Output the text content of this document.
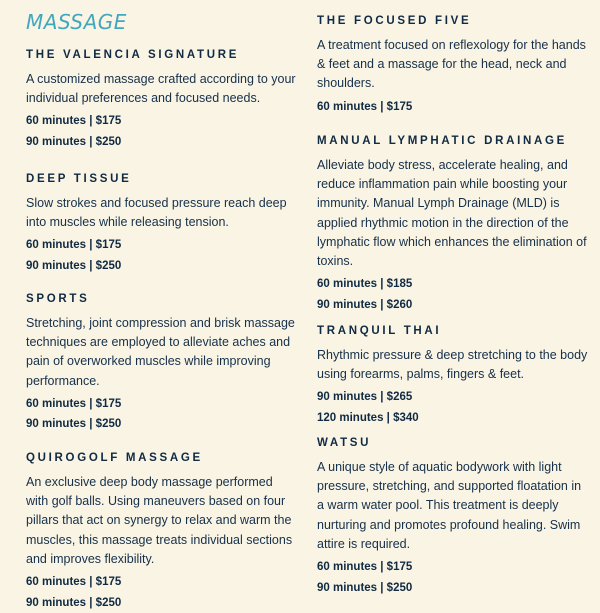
MASSAGE
THE VALENCIA SIGNATURE

A customized massage crafted according to your individual preferences and focused needs.

60 minutes | $175
90 minutes | $250
DEEP TISSUE

Slow strokes and focused pressure reach deep into muscles while releasing tension.

60 minutes | $175
90 minutes | $250
SPORTS

Stretching, joint compression and brisk massage techniques are employed to alleviate aches and pain of overworked muscles while improving performance.

60 minutes | $175
90 minutes | $250
QUIROGOLF MASSAGE

An exclusive deep body massage performed with golf balls. Using maneuvers based on four pillars that act on synergy to relax and warm the muscles, this massage treats individual sections and improves flexibility.

60 minutes | $175
90 minutes | $250
THE FOCUSED FIVE

A treatment focused on reflexology for the hands & feet and a massage for the head, neck and shoulders.

60 minutes | $175
MANUAL LYMPHATIC DRAINAGE

Alleviate body stress, accelerate healing, and reduce inflammation pain while boosting your immunity. Manual Lymph Drainage (MLD) is applied rhythmic motion in the direction of the lymphatic flow which enhances the elimination of toxins.

60 minutes | $185
90 minutes | $260
TRANQUIL THAI

Rhythmic pressure & deep stretching to the body using forearms, palms, fingers & feet.

90 minutes | $265
120 minutes | $340
WATSU

A unique style of aquatic bodywork with light pressure, stretching, and supported floatation in a warm water pool. This treatment is deeply nurturing and promotes profound healing. Swim attire is required.

60 minutes | $175
90 minutes | $250
